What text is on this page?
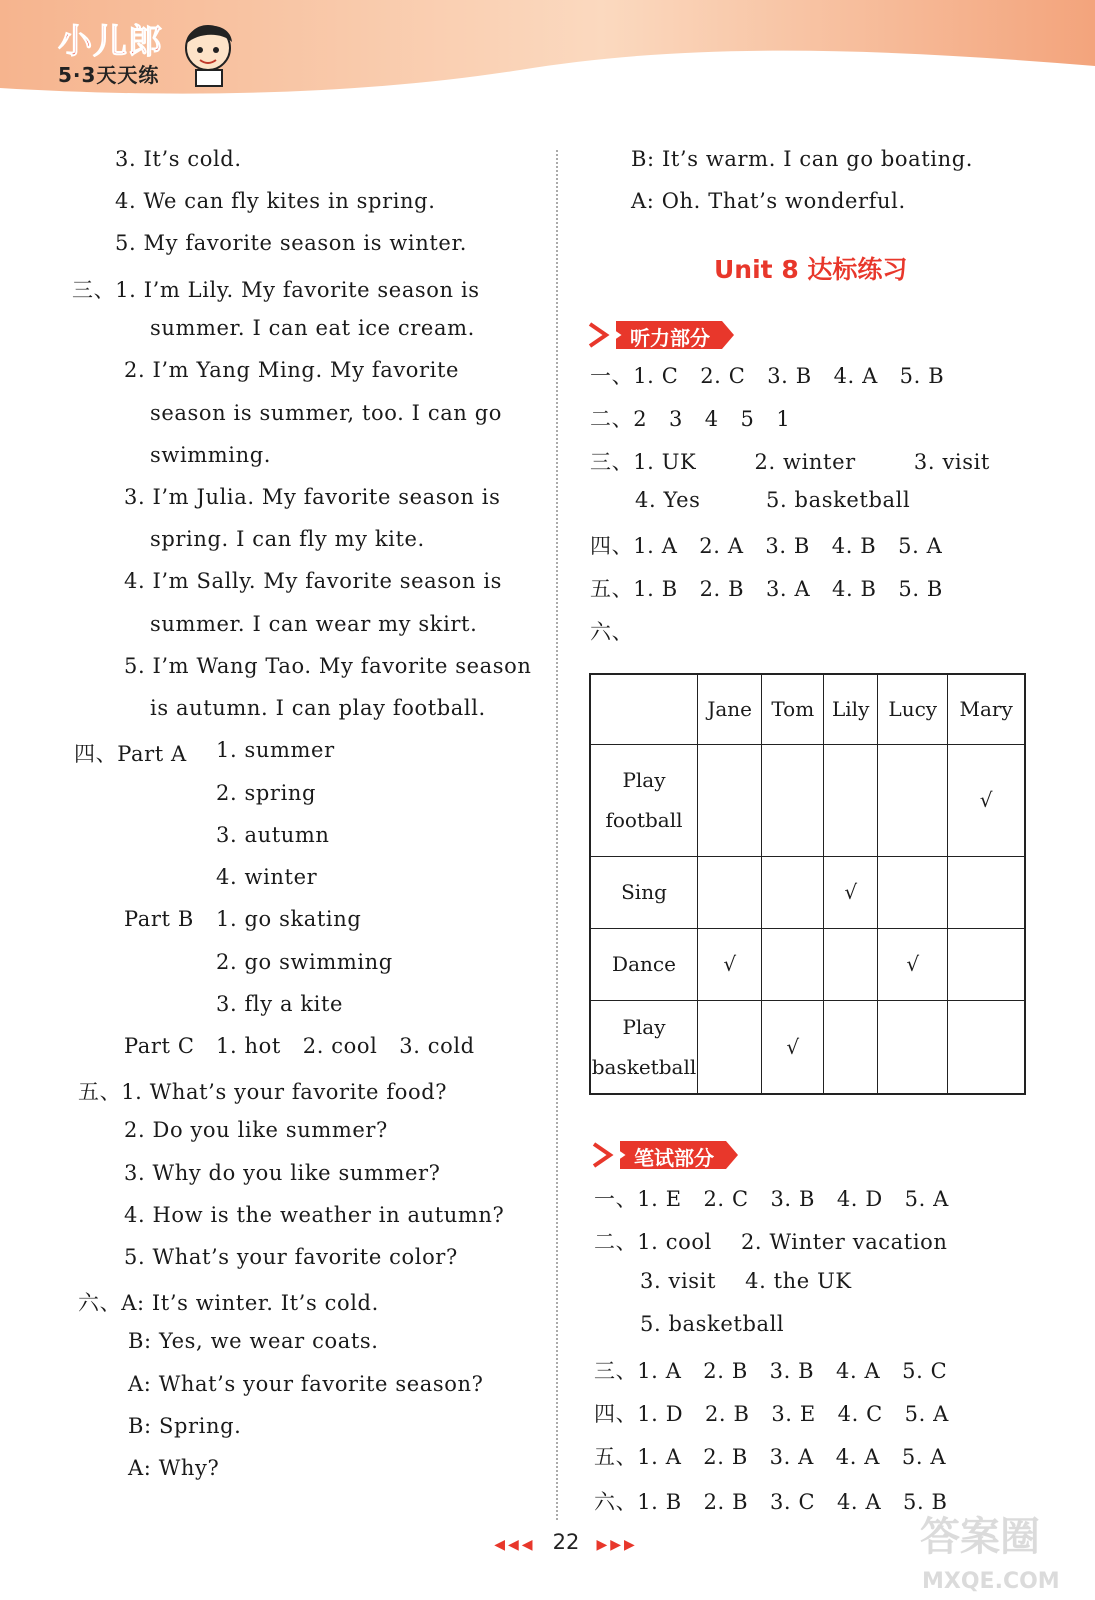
小儿郎
5·3天天练
3. It’s cold.
4. We can fly kites in spring.
5. My favorite season is winter.
三、1. I’m Lily. My favorite season is
summer. I can eat ice cream.
2. I’m Yang Ming. My favorite
season is summer, too. I can go
swimming.
3. I’m Julia. My favorite season is
spring. I can fly my kite.
4. I’m Sally. My favorite season is
summer. I can wear my skirt.
5. I’m Wang Tao. My favorite season
is autumn. I can play football.
四、Part A 1. summer
2. spring
3. autumn
4. winter
Part B 1. go skating
2. go swimming
3. fly a kite
Part C 1. hot   2. cool   3. cold
五、1. What’s your favorite food?
2. Do you like summer?
3. Why do you like summer?
4. How is the weather in autumn?
5. What’s your favorite color?
六、A: It’s winter. It’s cold.
B: Yes, we wear coats.
A: What’s your favorite season?
B: Spring.
A: Why?
B: It’s warm. I can go boating.
A: Oh. That’s wonderful.
Unit 8 达标练习
听力部分
一、1. C   2. C   3. B   4. A   5. B
二、2   3   4   5   1
三、1. UK        2. winter        3. visit
4. Yes         5. basketball
四、1. A   2. A   3. B   4. B   5. A
五、1. B   2. B   3. A   4. B   5. B
六、
	Jane	Tom	Lily	Lucy	Mary

Play
football					√
Sing			√		
Dance	√			√	

Play
basketball		√			
笔试部分
一、1. E   2. C   3. B   4. D   5. A
二、1. cool    2. Winter vacation
3. visit    4. the UK
5. basketball
三、1. A   2. B   3. B   4. A   5. C
四、1. D   2. B   3. E   4. C   5. A
五、1. A   2. B   3. A   4. A   5. A
六、1. B   2. B   3. C   4. A   5. B
◀◀◀ 22 ▶▶▶	答案圈
MXQE.COM
